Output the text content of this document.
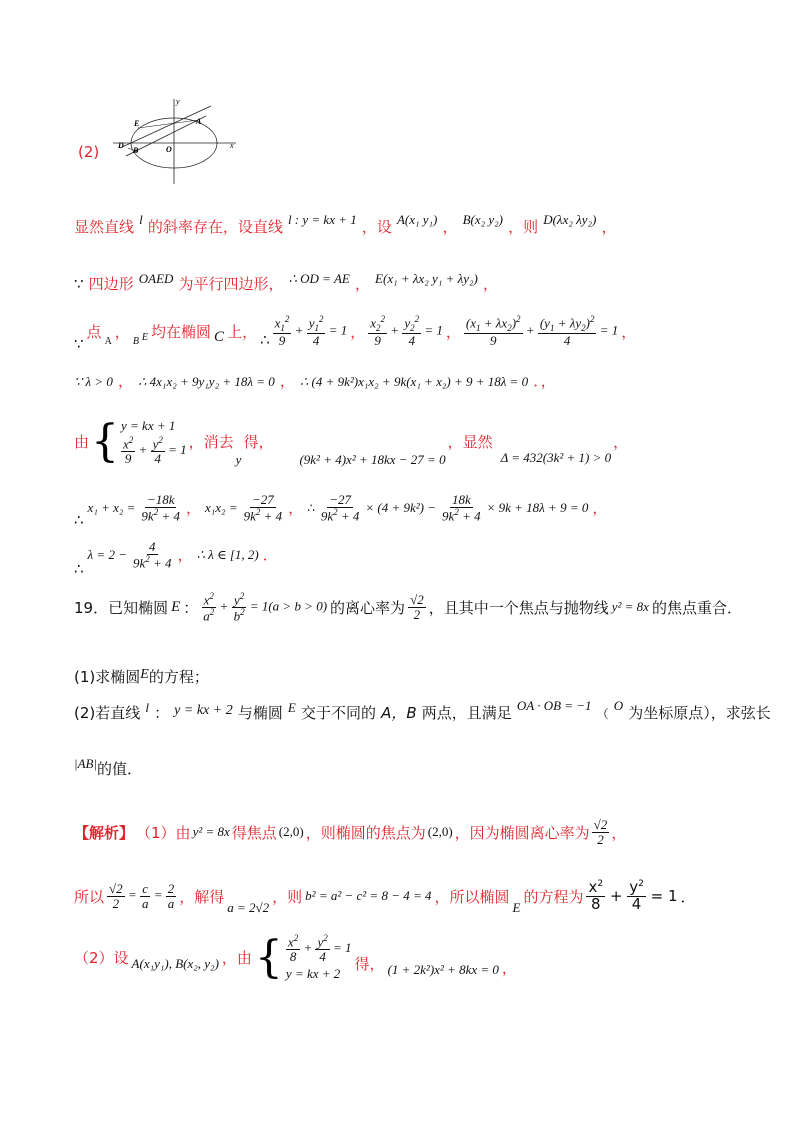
(2)
E	A
D
B	O	x
y
显然直线 $^l$ 的斜率存在，设直线 $^{l : y = kx + 1}$ ，设 $^{A(x_1 y_1)}$ ， $^{B(x_2 y_2)}$ ，则 $^{D(\lambda x_2 \lambda y_2)}$ ，
∵ 四边形 $^{OAED}$ 为平行四边形， $^{\therefore OD = AE}$ ， $^{E(x_1 + \lambda x_2 y_1 + \lambda y_2)}$ ，
∵
点
A
，
B E 均在椭圆 C 上， ∴ $\frac{x_1^2}{9} + \frac{y_1^2}{4} = 1$ ， $\frac{x_2^2}{9} + \frac{y_2^2}{4} = 1$ ， $\frac{(x_1 + \lambda x_2)^2}{9} + \frac{(y_1 + \lambda y_2)^2}{4} = 1$ ，
∵ λ > 0 ， ∴ 4x₁x₂ + 9y₁y₂ + 18λ = 0 ， ∴ (4 + 9k²)x₁x₂ + 9k(x₁ + x₂) + 9 + 18λ = 0 ．，
由 { y = kx + 1
$\frac{x^2}{9} + \frac{y^2}{4} = 1$ ，消去
y
得，
(9k² + 4)x² + 18kx − 27 = 0
，显然
Δ = 432(3k² + 1) > 0
，
∴
$x_1 + x_2 = \frac{-18k}{9k^2 + 4}$ ， $x_1x_2 = \frac{-27}{9k^2 + 4}$ ， ∴ $\frac{-27}{9k^2 + 4} \times (4 + 9k^2) - \frac{18k}{9k^2 + 4} \times 9k + 18\lambda + 9 = 0$ ，
∴
$\lambda = 2 - \frac{4}{9k^2 + 4}$ ， ∴ λ ∈ [1, 2) ．
19．已知椭圆 E ： $\frac{x^2}{a^2} + \frac{y^2}{b^2} = 1(a > b > 0)$ 的离心率为 $\frac{√2}{2}$ ，且其中一个焦点与抛物线 y² = 8x 的焦点重合．
(1)求椭圆E的方程；
(2)若直线 $^l$ ： y = kx + 2 与椭圆 $^E$ 交于不同的 A，B 两点，且满足 $^{OA \cdot OB = -1}$ （ $^O$ 为坐标原点），求弦长
$^{|AB|}$的值．
【解析】 （1）由 y² = 8x 得焦点 (2,0) ，则椭圆的焦点为 (2,0) ，因为椭圆离心率为 $\frac{√2}{2}$ ，
所以 $\frac{√2}{2} = \frac{c}{a} = \frac{2}{a}$ ，解得
a = 2√2
，则 b² = a² − c² = 8 − 4 = 4 ，所以椭圆
E
的方程为 $\frac{x^2}{8} + \frac{y^2}{4} = 1$ ．
（2）设 A(x₁y₁), B(x₂, y₂) ，由 { $\frac{x^2}{8} + \frac{y^2}{4} = 1$
y = kx + 2 得， (1 + 2k²)x² + 8kx = 0 ，
